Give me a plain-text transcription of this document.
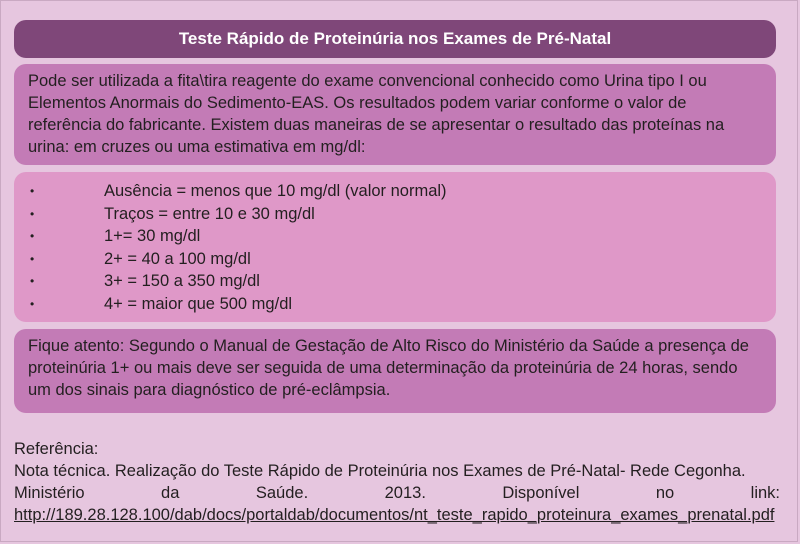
Teste Rápido de Proteinúria nos Exames de Pré-Natal

Pode ser utilizada a fita\tira reagente do exame convencional conhecido como Urina tipo I ou Elementos Anormais do Sedimento-EAS. Os resultados podem variar conforme o valor de referência do fabricante. Existem duas maneiras de se apresentar o resultado das proteínas na urina: em cruzes ou uma estimativa em mg/dl:

•	Ausência = menos que 10 mg/dl (valor normal)
•	Traços = entre 10 e 30 mg/dl
•	1+= 30 mg/dl
•	2+ = 40 a 100 mg/dl
•	3+ = 150 a 350 mg/dl
•	4+ = maior que 500 mg/dl

Fique atento: Segundo o Manual de Gestação de Alto Risco do Ministério da Saúde a presença de proteinúria 1+ ou mais deve ser seguida de uma determinação da proteinúria de 24 horas, sendo um dos sinais para diagnóstico de pré-eclâmpsia.

Referência:

Nota técnica. Realização do Teste Rápido de Proteinúria nos Exames de Pré-Natal- Rede Cegonha.

Ministério da Saúde. 2013. Disponível no link: http://189.28.128.100/dab/docs/portaldab/documentos/nt_teste_rapido_proteinura_exames_prenatal.pdf
